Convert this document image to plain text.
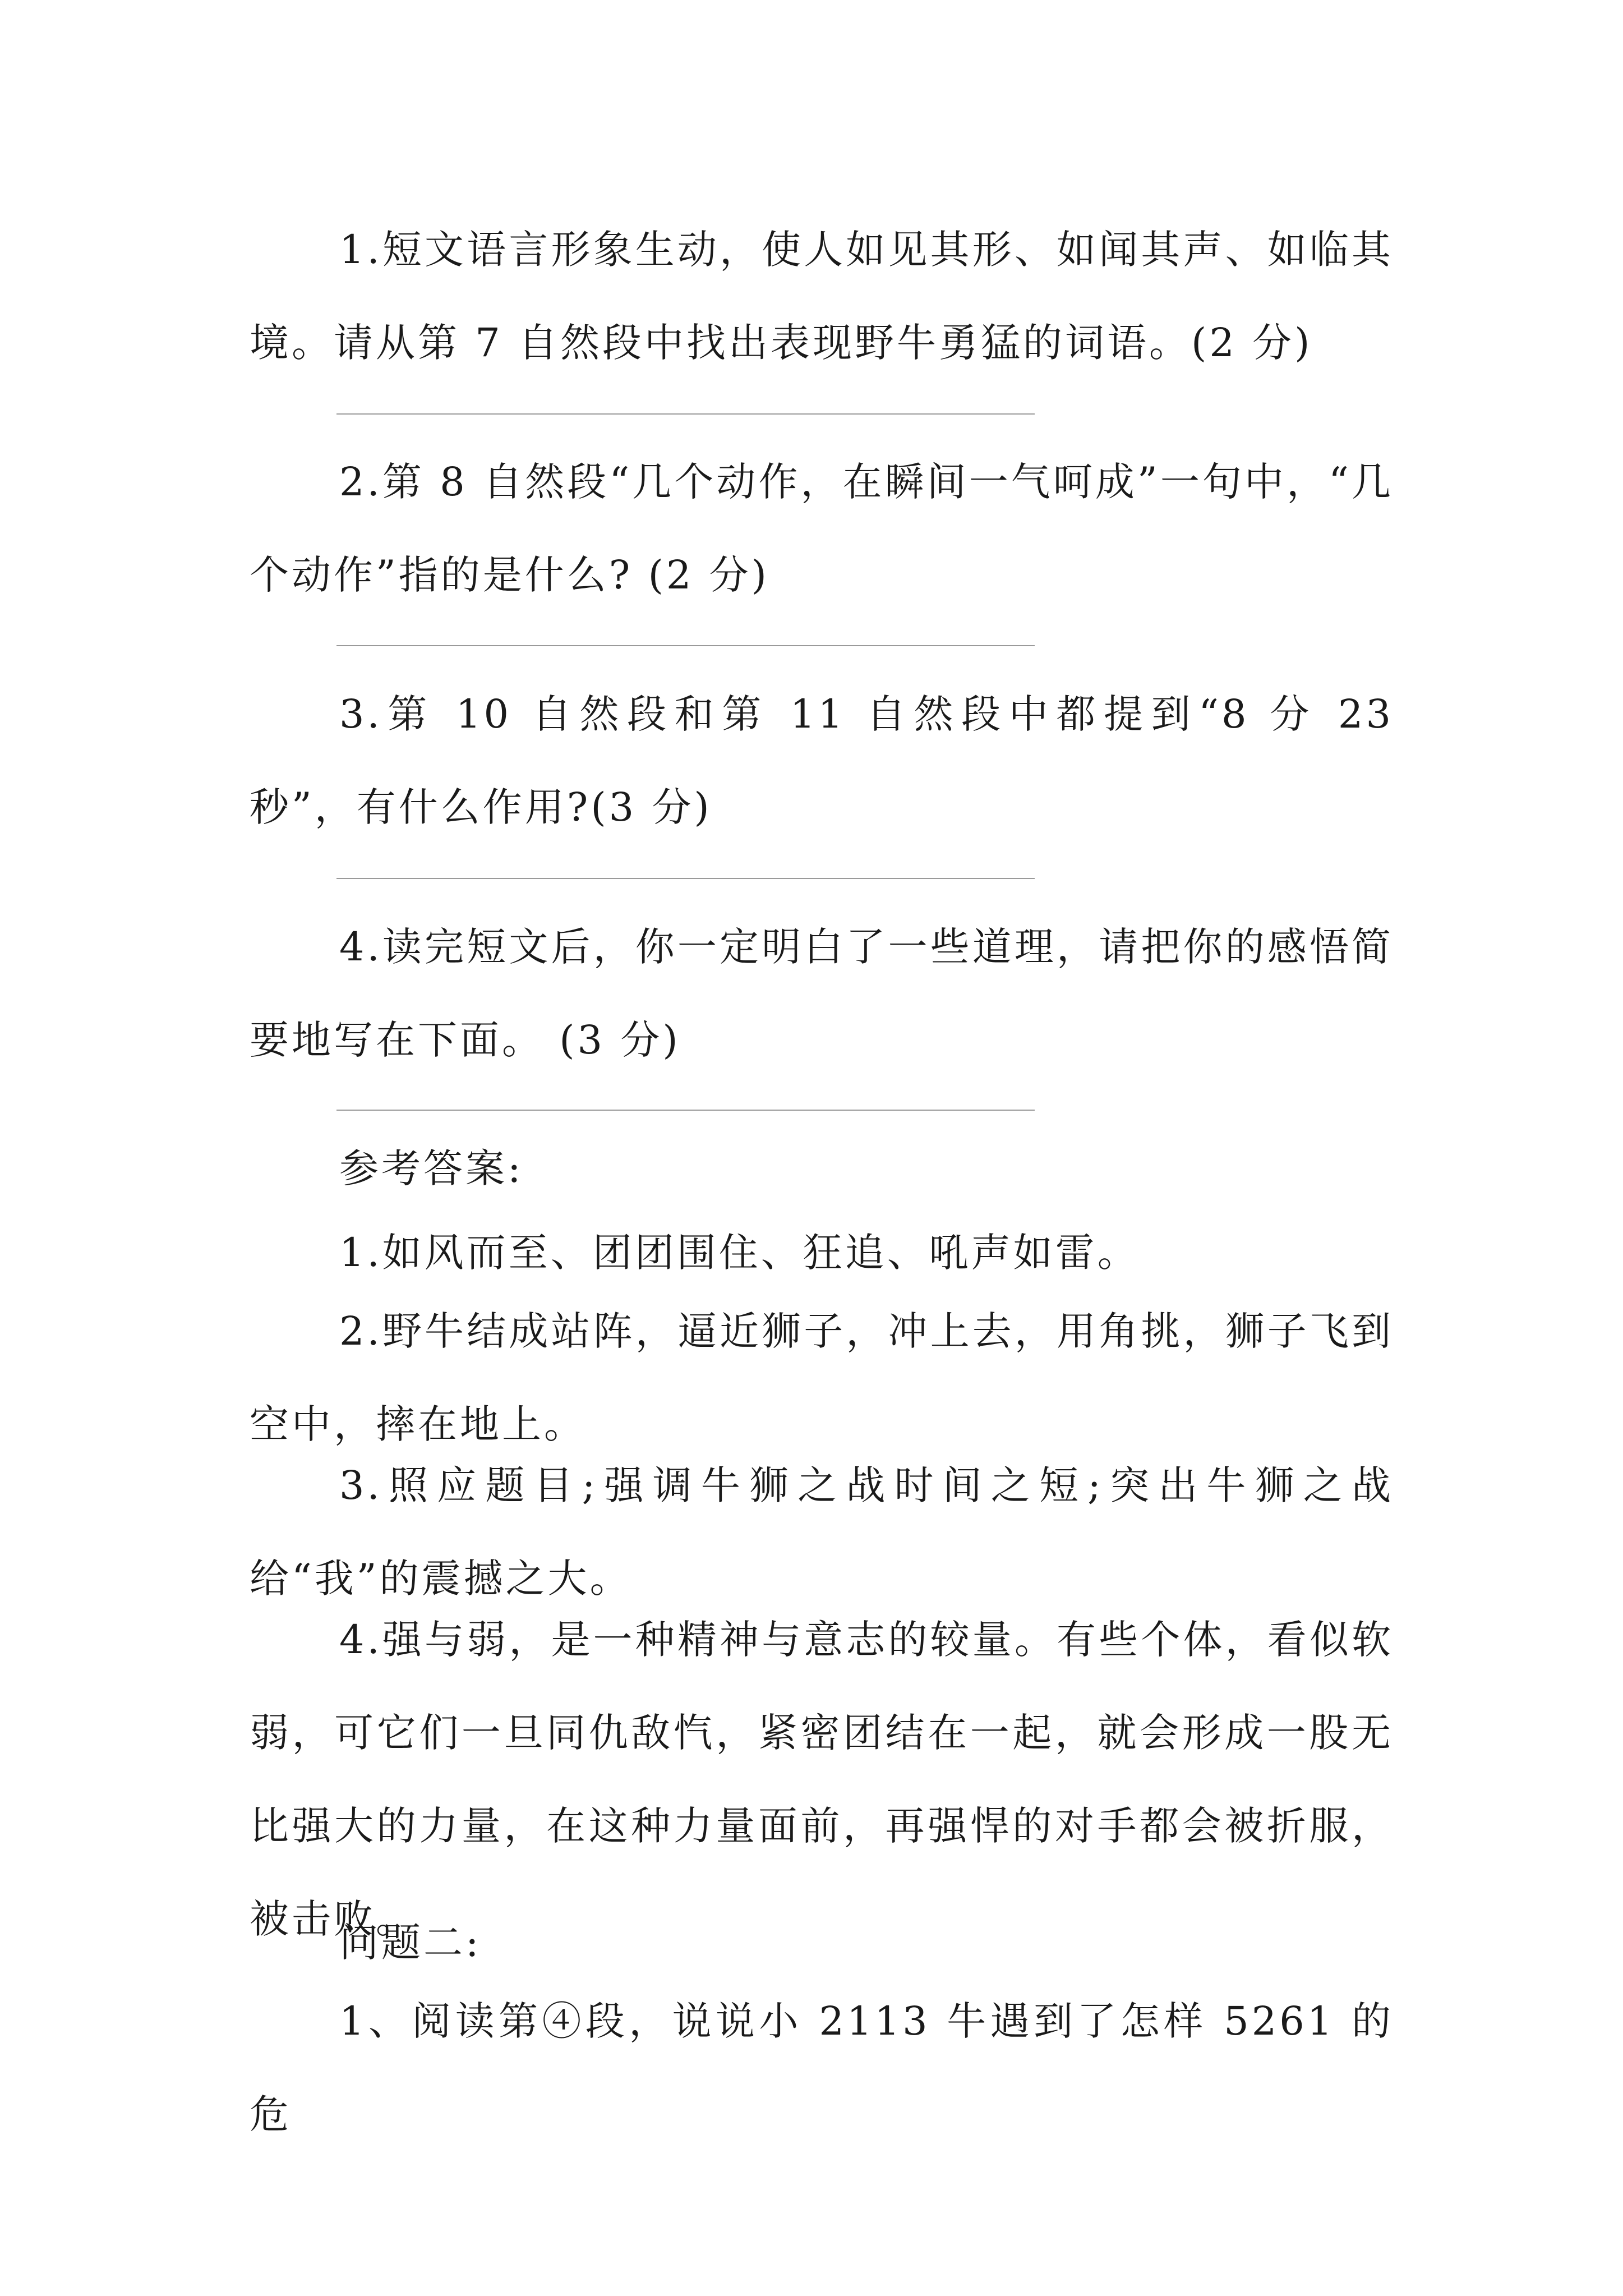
1.短文语言形象生动，使人如见其形、如闻其声、如临其境。请从第 7 自然段中找出表现野牛勇猛的词语。(2 分)

2.第 8 自然段“几个动作，在瞬间一气呵成”一句中，“几个动作”指的是什么? (2 分)

3.第 10 自然段和第 11 自然段中都提到“8 分 23 秒”，有什么作用?(3 分)

4.读完短文后，你一定明白了一些道理，请把你的感悟简要地写在下面。 (3 分)

参考答案:

1.如风而至、团团围住、狂追、吼声如雷。

2.野牛结成站阵，逼近狮子，冲上去，用角挑，狮子飞到空中，摔在地上。

3.照应题目;强调牛狮之战时间之短;突出牛狮之战给“我”的震撼之大。

4.强与弱，是一种精神与意志的较量。有些个体，看似软弱，可它们一旦同仇敌忾，紧密团结在一起，就会形成一股无比强大的力量，在这种力量面前，再强悍的对手都会被折服，被击败。

问题二:

1、阅读第④段，说说小 2113 牛遇到了怎样 5261 的危
